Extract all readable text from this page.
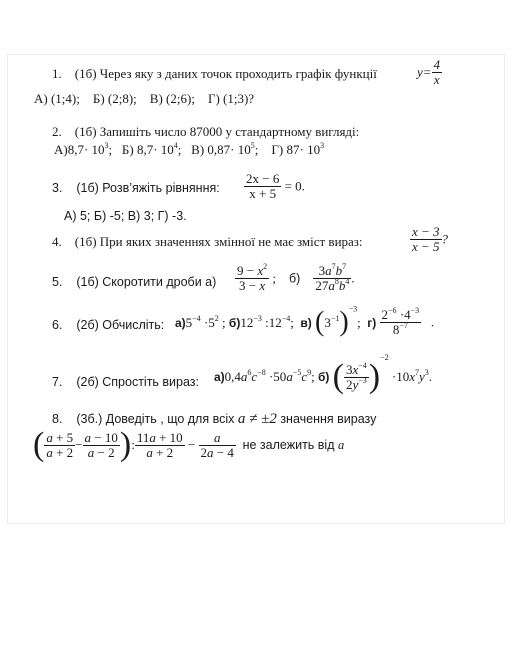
1. (1б) Через яку з даних точок проходить графік функції	$y= \frac{4}{x}$
А) (1;4); Б) (2;8); В) (2;6); Г) (1;3)?
2. (1б) Запишіть число 87000 у стандартному вигляді:
$А)8,7\cdot 10^3$; Б) $8,7\cdot 10^4$; В) $0,87\cdot 10^5$; Г) $87\cdot 10^3$
3. (1б) Розв’яжіть рівняння: $\frac{2x - 6}{x + 5} = 0$.
А) 5; Б) -5; В) 3; Г) -3.
4. (1б) При яких значеннях змінної не має зміст вираз:	$\frac{x - 3}{x - 5}$ ?
5. (1б) Скоротити дроби $а) \frac{9 - x^2}{3 - x}$ ; $б) \frac{3a^7b^7}{27a^8b^4}$ .
6. (2б) Обчисліть: $а)5^{-4} \cdot 5^2$ ; $б)12^{-3}$ $:12^{-4}$;  в) $(3^{-1})^{-3}$;  $г) \frac{2^{-6} \cdot 4^{-3}}{8^{-7}}$ .
7. (2б) Спростіть вираз: $а)0,4a^6c^{-8} \cdot 50a^{-5}c^9$; б) ( $\frac{3x^{-4}}{2y^{-3}} )^{-2} \cdot 10x^7y^3$.
8. (3б.) Доведіть , що для всіх a ≠ ±2 значення виразу
( $\frac{a + 5}{a + 2} - \frac{a - 10}{a - 2}$ ): $\frac{11a + 10}{a + 2} - \frac{a}{2a - 4}$ не залежить від a
